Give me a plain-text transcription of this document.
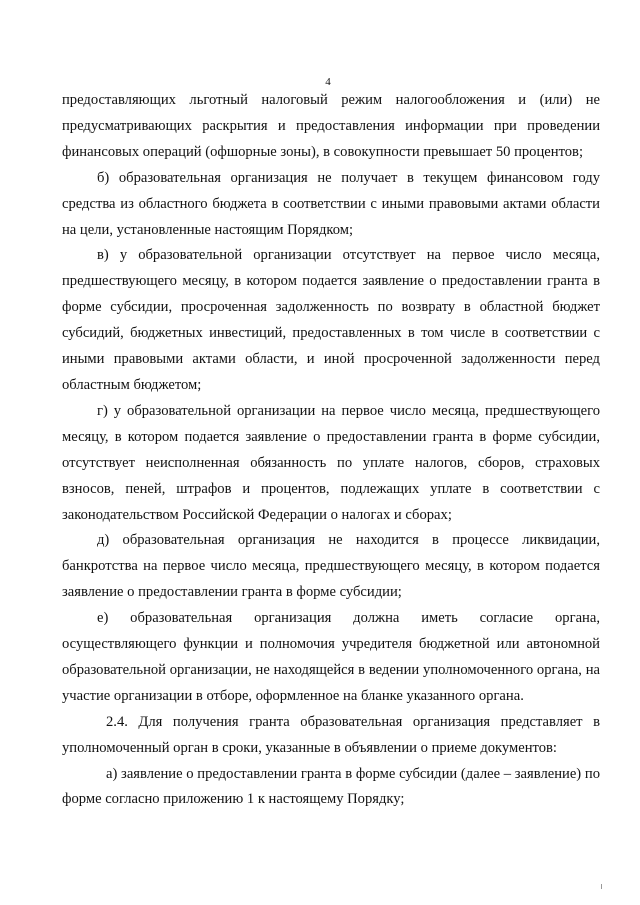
4

предоставляющих льготный налоговый режим налогообложения и (или) не предусматривающих раскрытия и предоставления информации при проведении финансовых операций (офшорные зоны), в совокупности превышает 50 процентов;

б) образовательная организация не получает в текущем финансовом году средства из областного бюджета в соответствии с иными правовыми актами области на цели, установленные настоящим Порядком;

в) у образовательной организации отсутствует на первое число месяца, предшествующего месяцу, в котором подается заявление о предоставлении гранта в форме субсидии, просроченная задолженность по возврату в областной бюджет субсидий, бюджетных инвестиций, предоставленных в том числе в соответствии с иными правовыми актами области, и иной просроченной задолженности перед областным бюджетом;

г) у образовательной организации на первое число месяца, предшествующего месяцу, в котором подается заявление о предоставлении гранта в форме субсидии, отсутствует неисполненная обязанность по уплате налогов, сборов, страховых взносов, пеней, штрафов и процентов, подлежащих уплате в соответствии с законодательством Российской Федерации о налогах и сборах;

д) образовательная организация не находится в процессе ликвидации, банкротства на первое число месяца, предшествующего месяцу, в котором подается заявление о предоставлении гранта в форме субсидии;

е) образовательная организация должна иметь согласие органа, осуществляющего функции и полномочия учредителя бюджетной или автономной образовательной организации, не находящейся в ведении уполномоченного органа, на участие организации в отборе, оформленное на бланке указанного органа.

2.4. Для получения гранта образовательная организация представляет в уполномоченный орган в сроки, указанные в объявлении о приеме документов:

а) заявление о предоставлении гранта в форме субсидии (далее – заявление) по форме согласно приложению 1 к настоящему Порядку;
